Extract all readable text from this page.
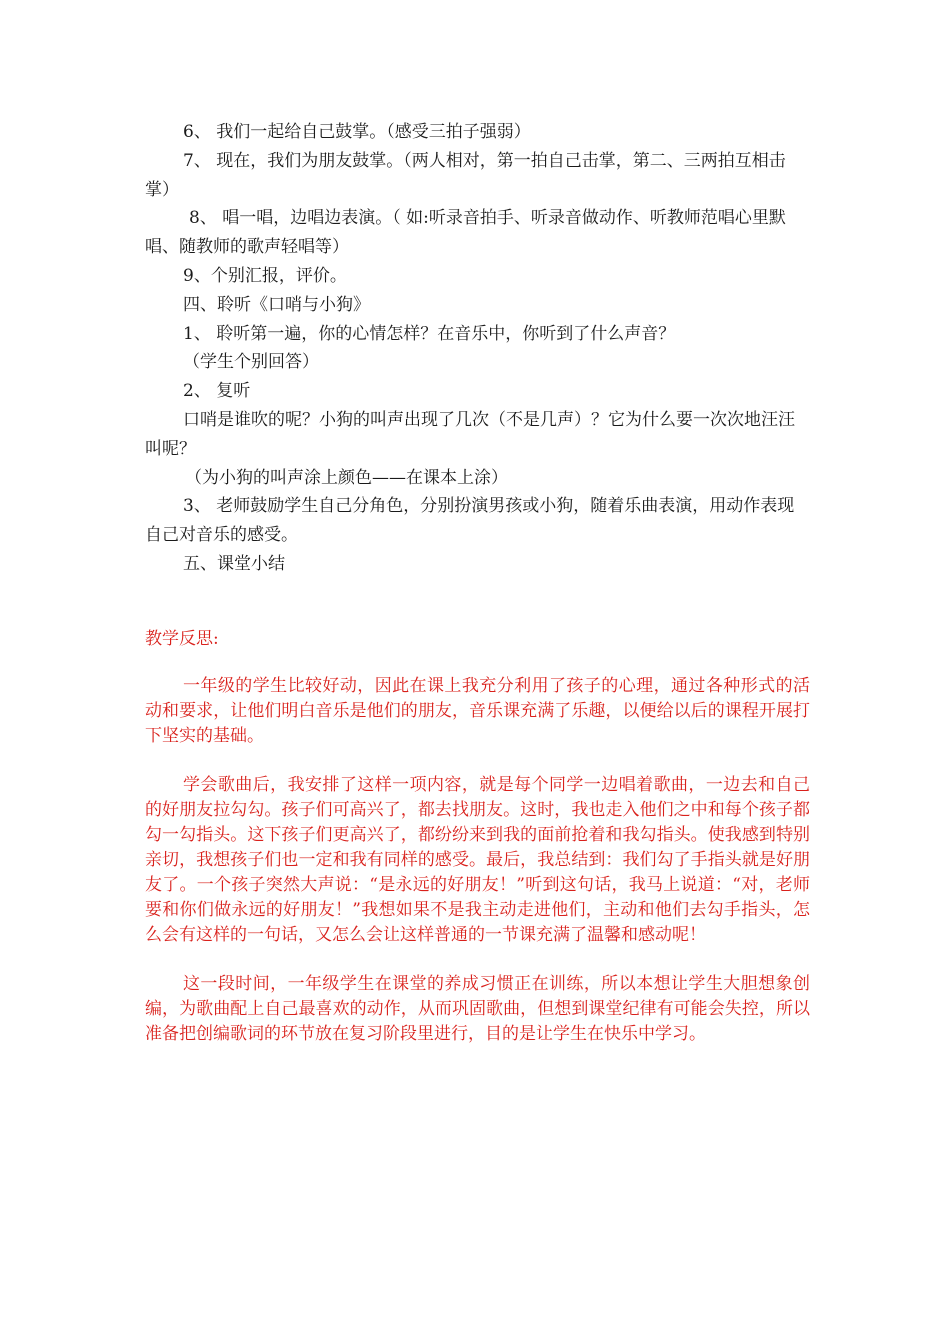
6、 我们一起给自己鼓掌。（感受三拍子强弱）

7、 现在，我们为朋友鼓掌。（两人相对，第一拍自己击掌，第二、三两拍互相击掌）

8、 唱一唱，边唱边表演。（ 如:听录音拍手、听录音做动作、听教师范唱心里默唱、随教师的歌声轻唱等）

9、个别汇报，评价。

四、聆听《口哨与小狗》

1、 聆听第一遍，你的心情怎样？在音乐中，你听到了什么声音？

（学生个别回答）

2、 复听

口哨是谁吹的呢？小狗的叫声出现了几次（不是几声）？它为什么要一次次地汪汪叫呢？

（为小狗的叫声涂上颜色——在课本上涂）

3、 老师鼓励学生自己分角色，分别扮演男孩或小狗，随着乐曲表演，用动作表现自己对音乐的感受。

五、课堂小结

教学反思:

一年级的学生比较好动，因此在课上我充分利用了孩子的心理，通过各种形式的活动和要求，让他们明白音乐是他们的朋友，音乐课充满了乐趣，以便给以后的课程开展打下坚实的基础。

学会歌曲后，我安排了这样一项内容，就是每个同学一边唱着歌曲，一边去和自己的好朋友拉勾勾。孩子们可高兴了，都去找朋友。这时，我也走入他们之中和每个孩子都勾一勾指头。这下孩子们更高兴了，都纷纷来到我的面前抢着和我勾指头。使我感到特别亲切，我想孩子们也一定和我有同样的感受。最后，我总结到：我们勾了手指头就是好朋友了。一个孩子突然大声说：“是永远的好朋友！”听到这句话，我马上说道：“对，老师要和你们做永远的好朋友！”我想如果不是我主动走进他们，主动和他们去勾手指头，怎么会有这样的一句话，又怎么会让这样普通的一节课充满了温馨和感动呢！

这一段时间，一年级学生在课堂的养成习惯正在训练，所以本想让学生大胆想象创编，为歌曲配上自己最喜欢的动作，从而巩固歌曲，但想到课堂纪律有可能会失控，所以准备把创编歌词的环节放在复习阶段里进行，目的是让学生在快乐中学习。
